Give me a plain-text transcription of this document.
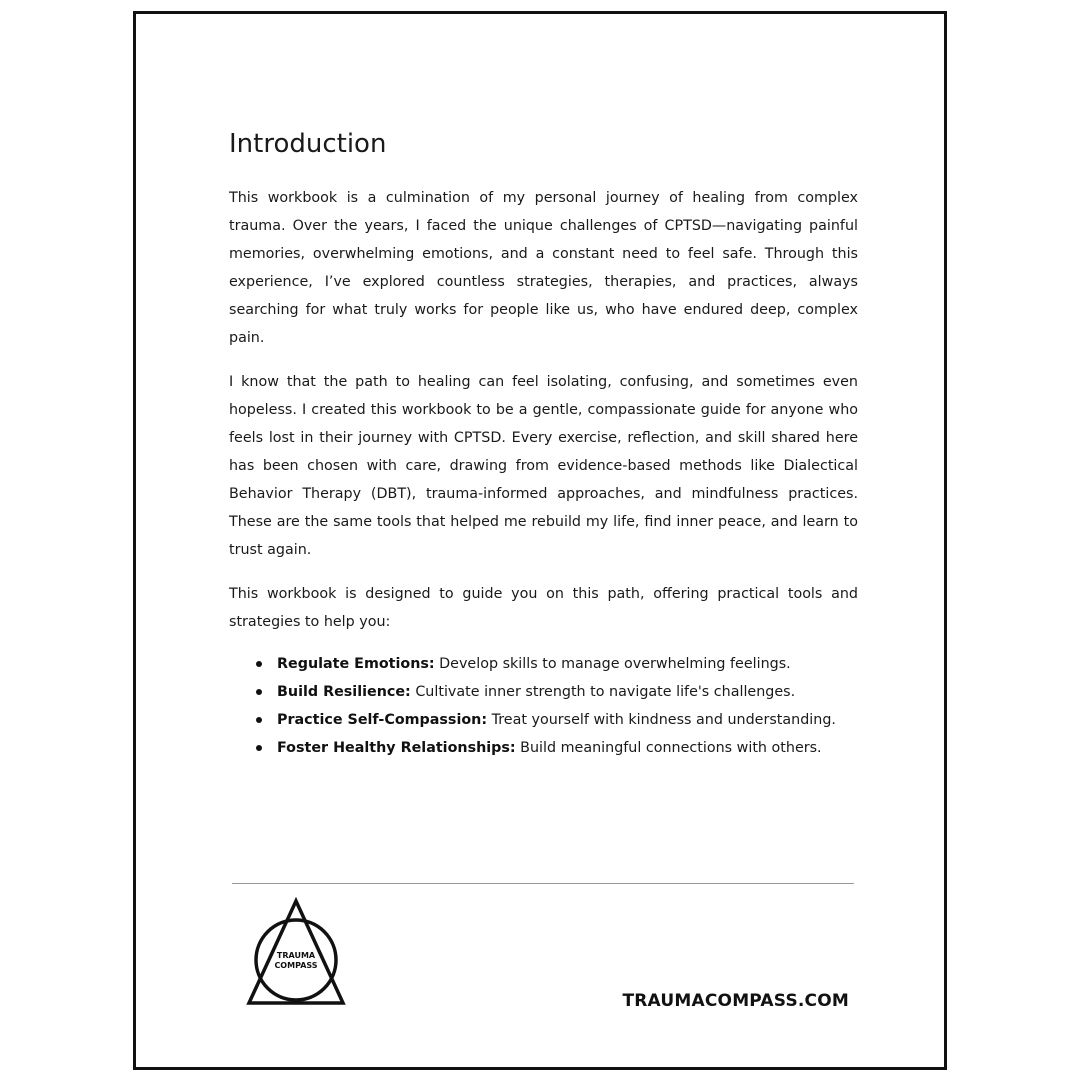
Introduction

This workbook is a culmination of my personal journey of healing from complex trauma. Over the years, I faced the unique challenges of CPTSD—navigating painful memories, overwhelming emotions, and a constant need to feel safe. Through this experience, I’ve explored countless strategies, therapies, and practices, always searching for what truly works for people like us, who have endured deep, complex pain.

I know that the path to healing can feel isolating, confusing, and sometimes even hopeless. I created this workbook to be a gentle, compassionate guide for anyone who feels lost in their journey with CPTSD. Every exercise, reflection, and skill shared here has been chosen with care, drawing from evidence-based methods like Dialectical Behavior Therapy (DBT), trauma-informed approaches, and mindfulness practices. These are the same tools that helped me rebuild my life, find inner peace, and learn to trust again.

This workbook is designed to guide you on this path, offering practical tools and strategies to help you:

Regulate Emotions: Develop skills to manage overwhelming feelings.
Build Resilience: Cultivate inner strength to navigate life's challenges.
Practice Self-Compassion: Treat yourself with kindness and understanding.
Foster Healthy Relationships: Build meaningful connections with others.
TRAUMA
COMPASS
TRAUMACOMPASS.COM
